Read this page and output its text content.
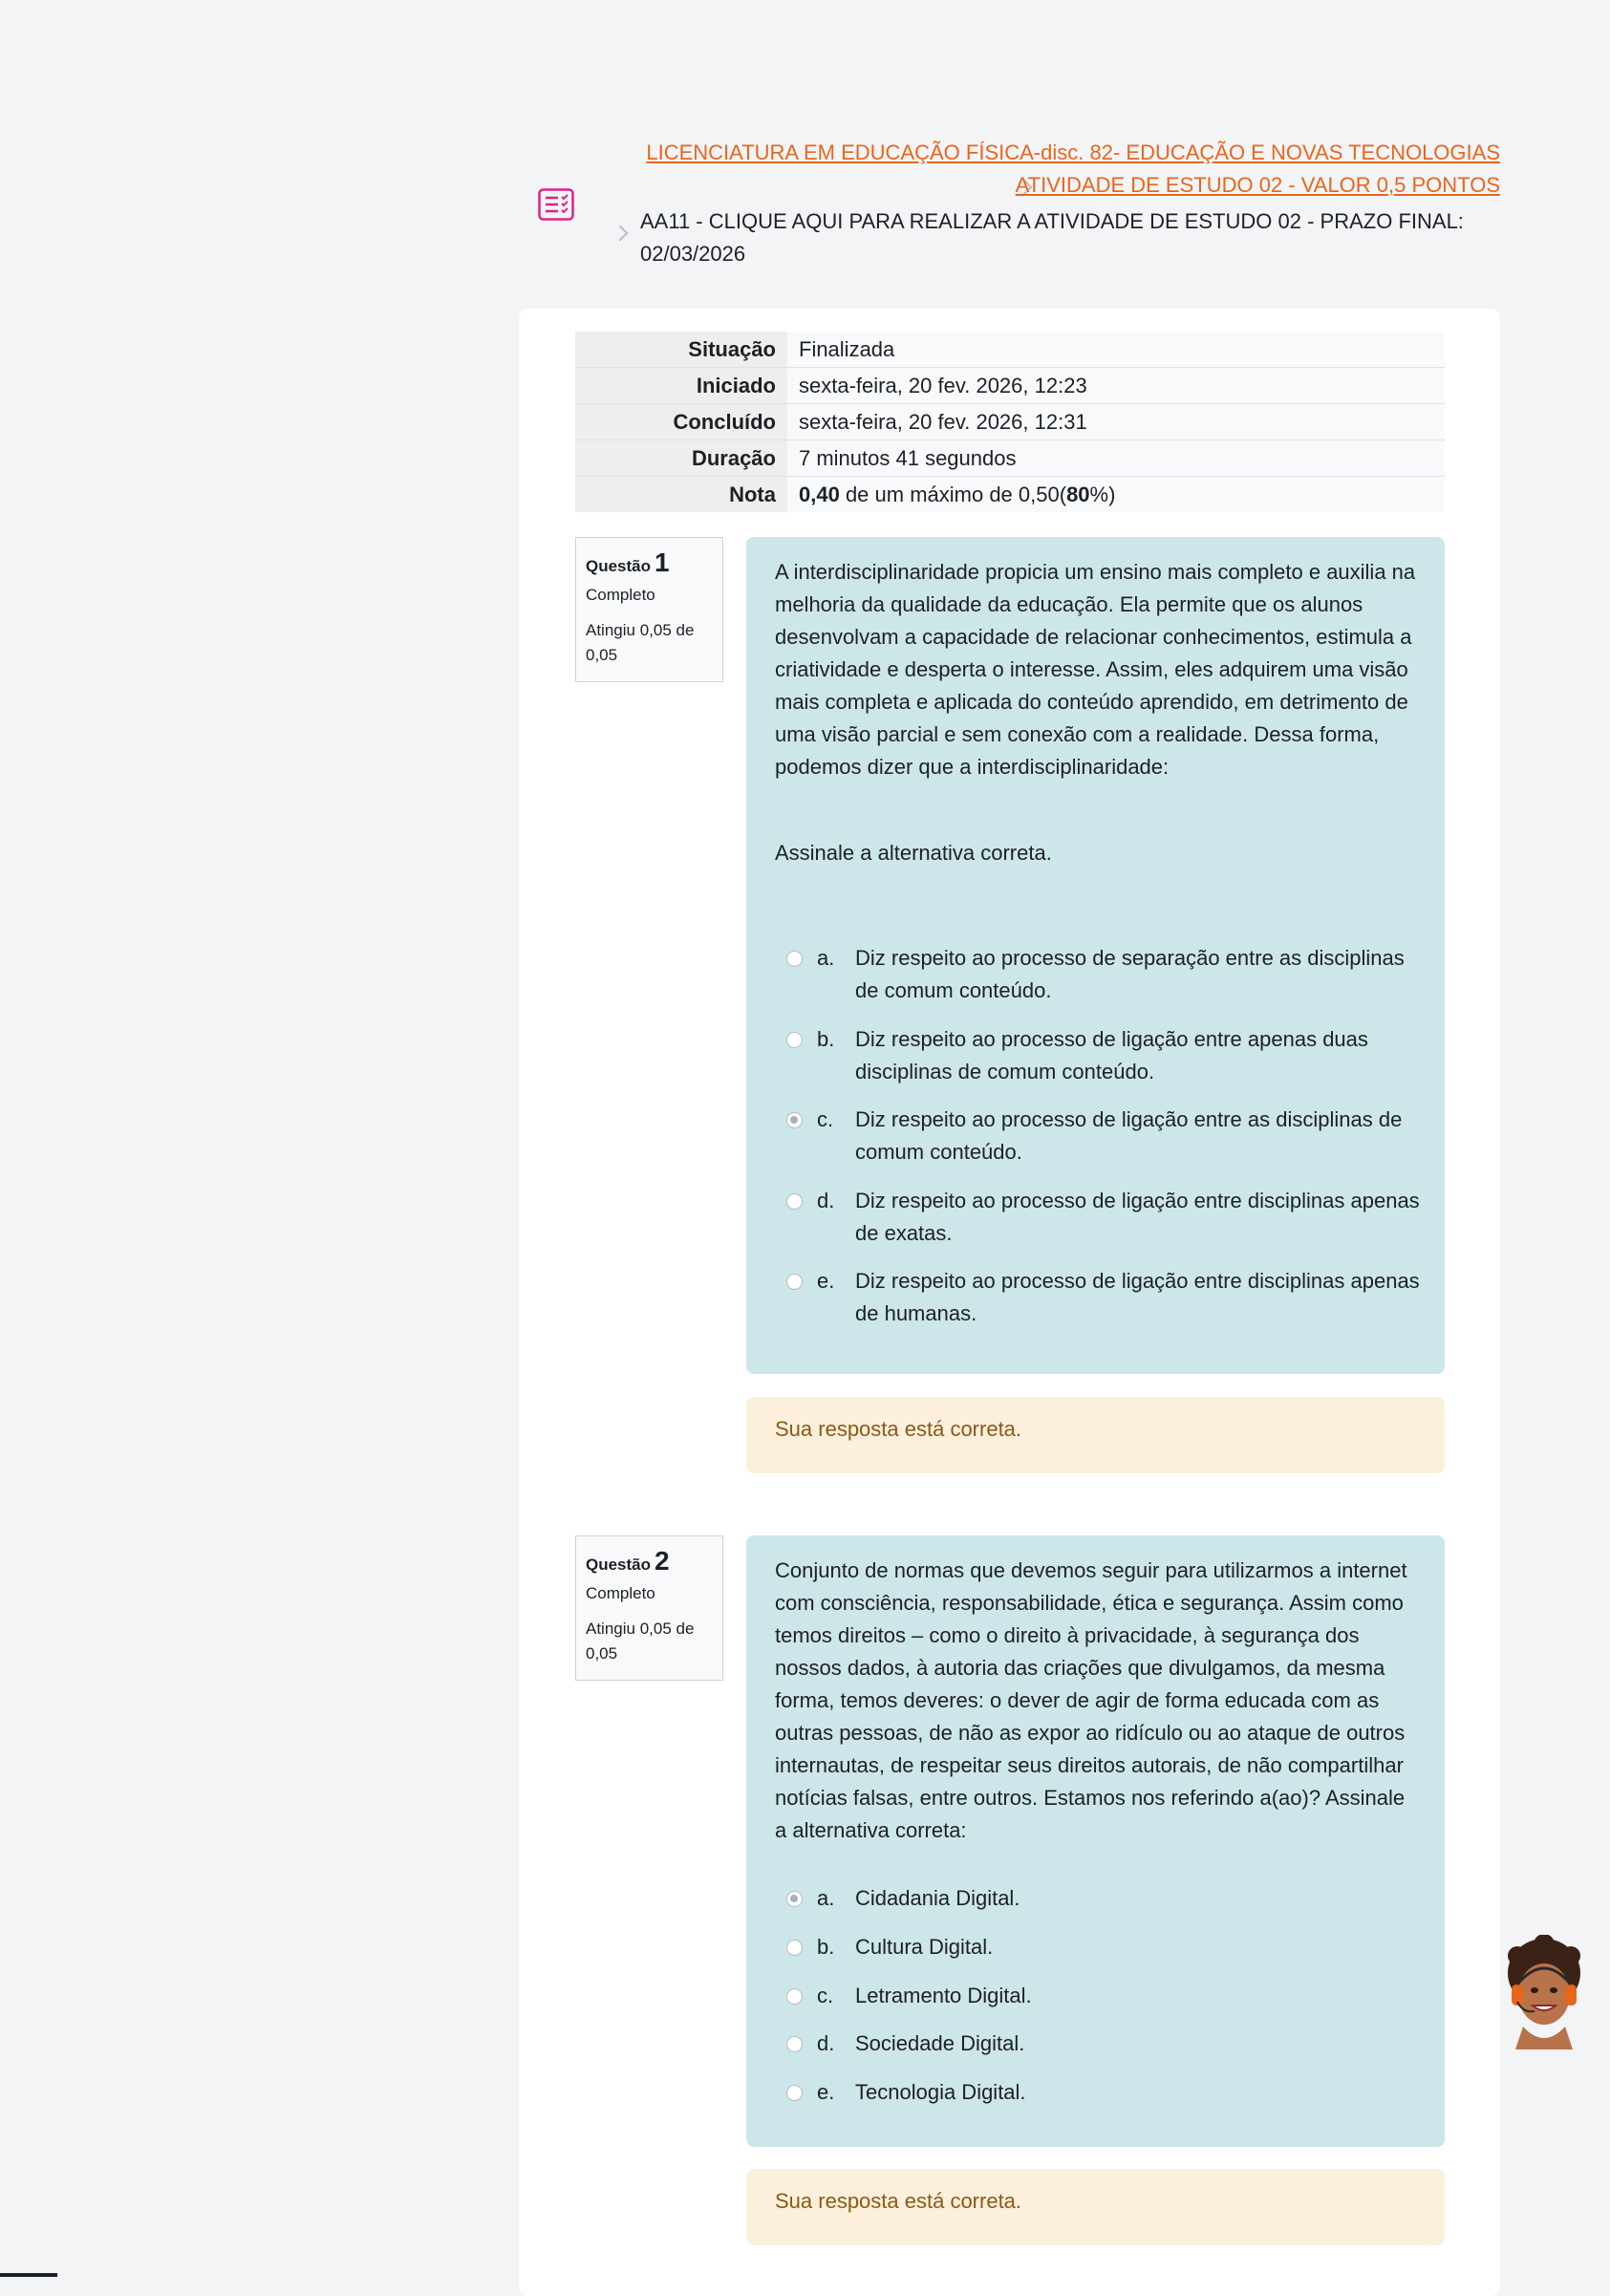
LICENCIATURA EM EDUCAÇÃO FÍSICA-disc. 82- EDUCAÇÃO E NOVAS TECNOLOGIAS
ATIVIDADE DE ESTUDO 02 - VALOR 0,5 PONTOS
AA11 - CLIQUE AQUI PARA REALIZAR A ATIVIDADE DE ESTUDO 02 - PRAZO FINAL: 02/03/2026
Situação	Finalizada
Iniciado	sexta-feira, 20 fev. 2026, 12:23
Concluído	sexta-feira, 20 fev. 2026, 12:31
Duração	7 minutos 41 segundos
Nota	0,40 de um máximo de 0,50(80%)
Questão 1
Completo
Atingiu 0,05 de 0,05

A interdisciplinaridade propicia um ensino mais completo e auxilia na melhoria da qualidade da educação. Ela permite que os alunos desenvolvam a capacidade de relacionar conhecimentos, estimula a criatividade e desperta o interesse. Assim, eles adquirem uma visão mais completa e aplicada do conteúdo aprendido, em detrimento de uma visão parcial e sem conexão com a realidade. Dessa forma, podemos dizer que a interdisciplinaridade:

Assinale a alternativa correta.

a. Diz respeito ao processo de separação entre as disciplinas de comum conteúdo.
b. Diz respeito ao processo de ligação entre apenas duas disciplinas de comum conteúdo.
c. Diz respeito ao processo de ligação entre as disciplinas de comum conteúdo.
d. Diz respeito ao processo de ligação entre disciplinas apenas de exatas.
e. Diz respeito ao processo de ligação entre disciplinas apenas de humanas.
Sua resposta está correta.
Questão 2
Completo
Atingiu 0,05 de 0,05

Conjunto de normas que devemos seguir para utilizarmos a internet com consciência, responsabilidade, ética e segurança. Assim como temos direitos – como o direito à privacidade, à segurança dos nossos dados, à autoria das criações que divulgamos, da mesma forma, temos deveres: o dever de agir de forma educada com as outras pessoas, de não as expor ao ridículo ou ao ataque de outros internautas, de respeitar seus direitos autorais, de não compartilhar notícias falsas, entre outros. Estamos nos referindo a(ao)? Assinale a alternativa correta:

a. Cidadania Digital.
b. Cultura Digital.
c. Letramento Digital.
d. Sociedade Digital.
e. Tecnologia Digital.
Sua resposta está correta.
